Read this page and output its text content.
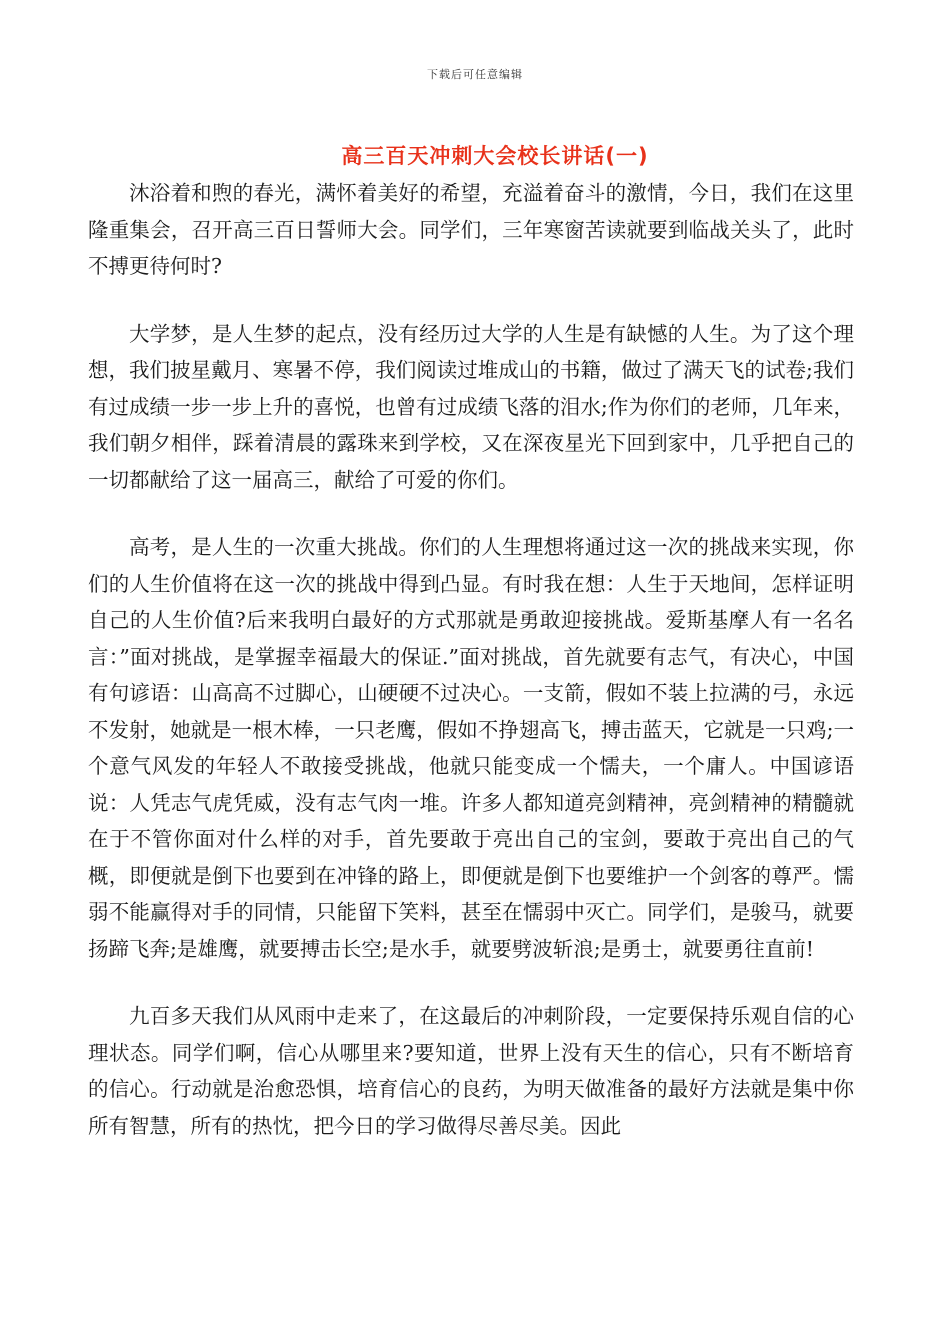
下载后可任意编辑
高三百天冲刺大会校长讲话(一)

沐浴着和煦的春光，满怀着美好的希望，充溢着奋斗的激情，今日，我们在这里隆重集会，召开高三百日誓师大会。同学们，三年寒窗苦读就要到临战关头了，此时不搏更待何时?

大学梦，是人生梦的起点，没有经历过大学的人生是有缺憾的人生。为了这个理想，我们披星戴月、寒暑不停，我们阅读过堆成山的书籍，做过了满天飞的试卷;我们有过成绩一步一步上升的喜悦，也曾有过成绩飞落的泪水;作为你们的老师，几年来，我们朝夕相伴，踩着清晨的露珠来到学校，又在深夜星光下回到家中，几乎把自己的一切都献给了这一届高三，献给了可爱的你们。

高考，是人生的一次重大挑战。你们的人生理想将通过这一次的挑战来实现，你们的人生价值将在这一次的挑战中得到凸显。有时我在想：人生于天地间，怎样证明自己的人生价值?后来我明白最好的方式那就是勇敢迎接挑战。爱斯基摩人有一名名言：”面对挑战，是掌握幸福最大的保证.”面对挑战，首先就要有志气，有决心，中国有句谚语：山高高不过脚心，山硬硬不过决心。一支箭，假如不装上拉满的弓，永远不发射，她就是一根木棒，一只老鹰，假如不挣翅高飞，搏击蓝天，它就是一只鸡;一个意气风发的年轻人不敢接受挑战，他就只能变成一个懦夫，一个庸人。中国谚语说：人凭志气虎凭威，没有志气肉一堆。许多人都知道亮剑精神，亮剑精神的精髓就在于不管你面对什么样的对手，首先要敢于亮出自己的宝剑，要敢于亮出自己的气概，即便就是倒下也要到在冲锋的路上，即便就是倒下也要维护一个剑客的尊严。懦弱不能赢得对手的同情，只能留下笑料，甚至在懦弱中灭亡。同学们，是骏马，就要扬蹄飞奔;是雄鹰，就要搏击长空;是水手，就要劈波斩浪;是勇士，就要勇往直前!

九百多天我们从风雨中走来了，在这最后的冲刺阶段，一定要保持乐观自信的心理状态。同学们啊，信心从哪里来?要知道，世界上没有天生的信心，只有不断培育的信心。行动就是治愈恐惧，培育信心的良药，为明天做准备的最好方法就是集中你所有智慧，所有的热忱，把今日的学习做得尽善尽美。因此
